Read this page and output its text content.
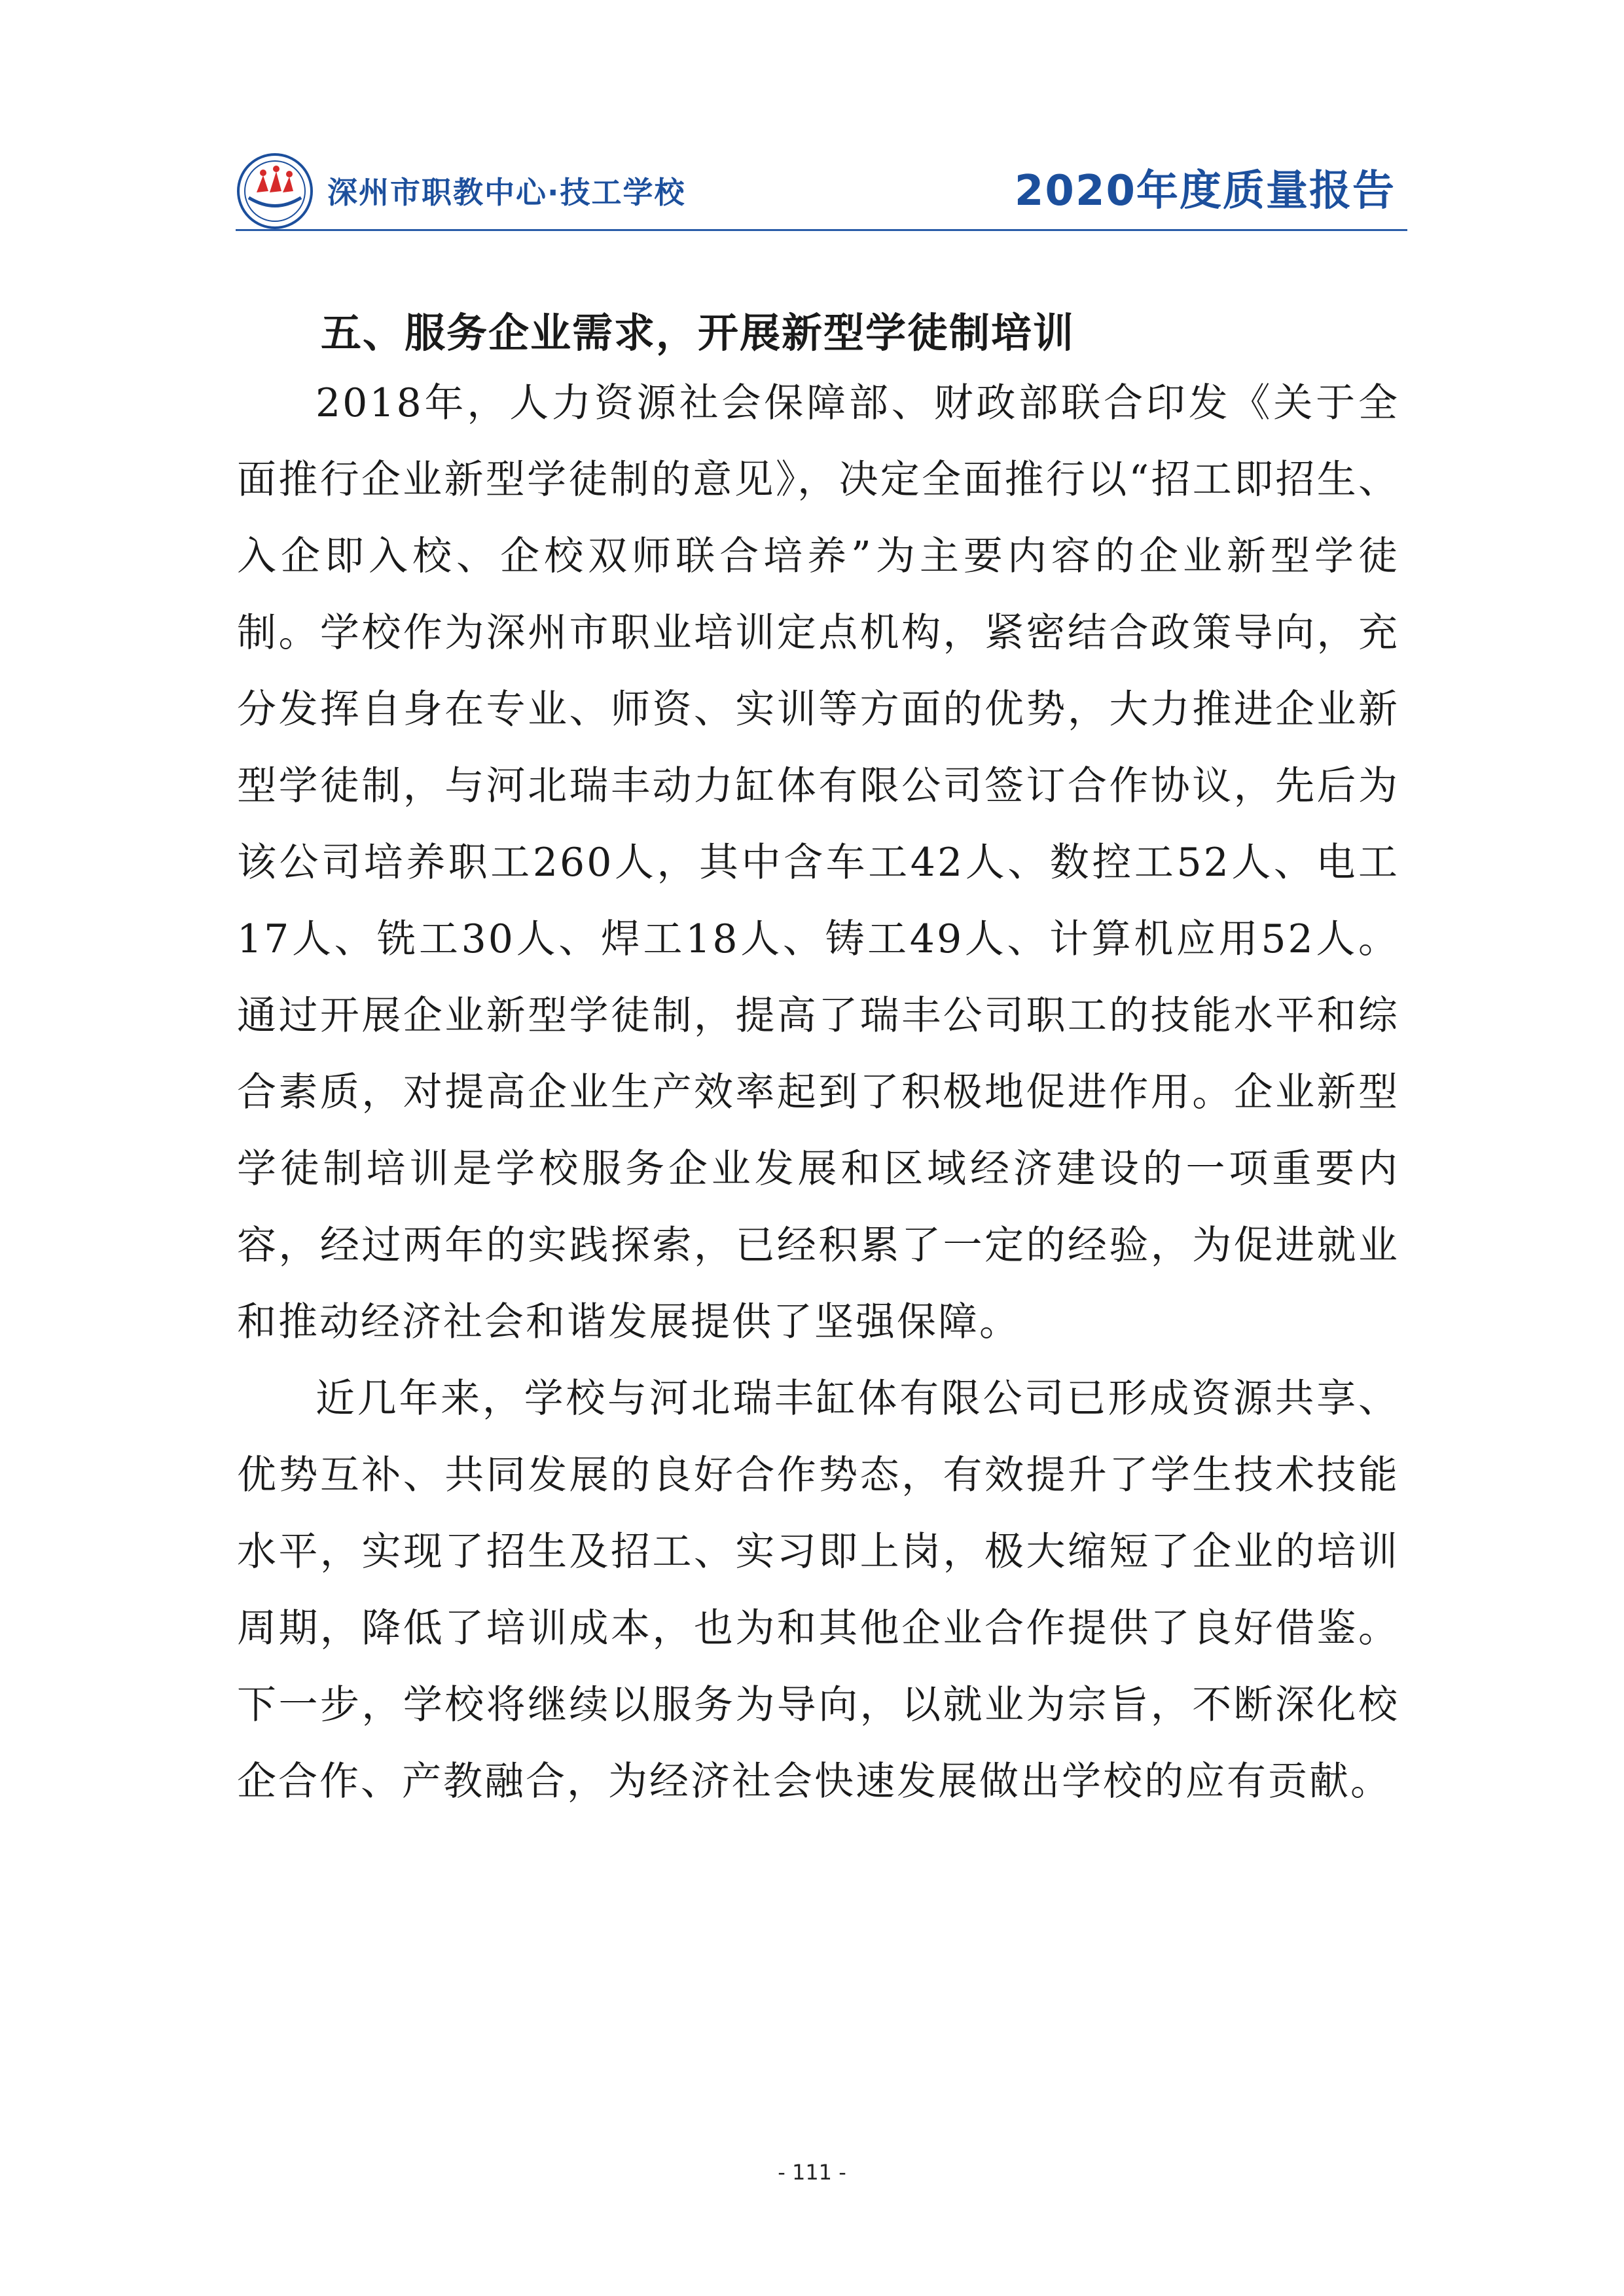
深州市职教中心·技工学校	2020年度质量报告
五、服务企业需求，开展新型学徒制培训

2018年，人力资源社会保障部、财政部联合印发《关于全面推行企业新型学徒制的意见》，决定全面推行以“招工即招生、入企即入校、企校双师联合培养”为主要内容的企业新型学徒制。学校作为深州市职业培训定点机构，紧密结合政策导向，充分发挥自身在专业、师资、实训等方面的优势，大力推进企业新型学徒制，与河北瑞丰动力缸体有限公司签订合作协议，先后为该公司培养职工260人，其中含车工42人、数控工52人、电工17人、铣工30人、焊工18人、铸工49人、计算机应用52人。通过开展企业新型学徒制，提高了瑞丰公司职工的技能水平和综合素质，对提高企业生产效率起到了积极地促进作用。企业新型学徒制培训是学校服务企业发展和区域经济建设的一项重要内容，经过两年的实践探索，已经积累了一定的经验，为促进就业和推动经济社会和谐发展提供了坚强保障。

近几年来，学校与河北瑞丰缸体有限公司已形成资源共享、优势互补、共同发展的良好合作势态，有效提升了学生技术技能水平，实现了招生及招工、实习即上岗，极大缩短了企业的培训周期，降低了培训成本，也为和其他企业合作提供了良好借鉴。下一步，学校将继续以服务为导向，以就业为宗旨，不断深化校企合作、产教融合，为经济社会快速发展做出学校的应有贡献。

- 111 -
